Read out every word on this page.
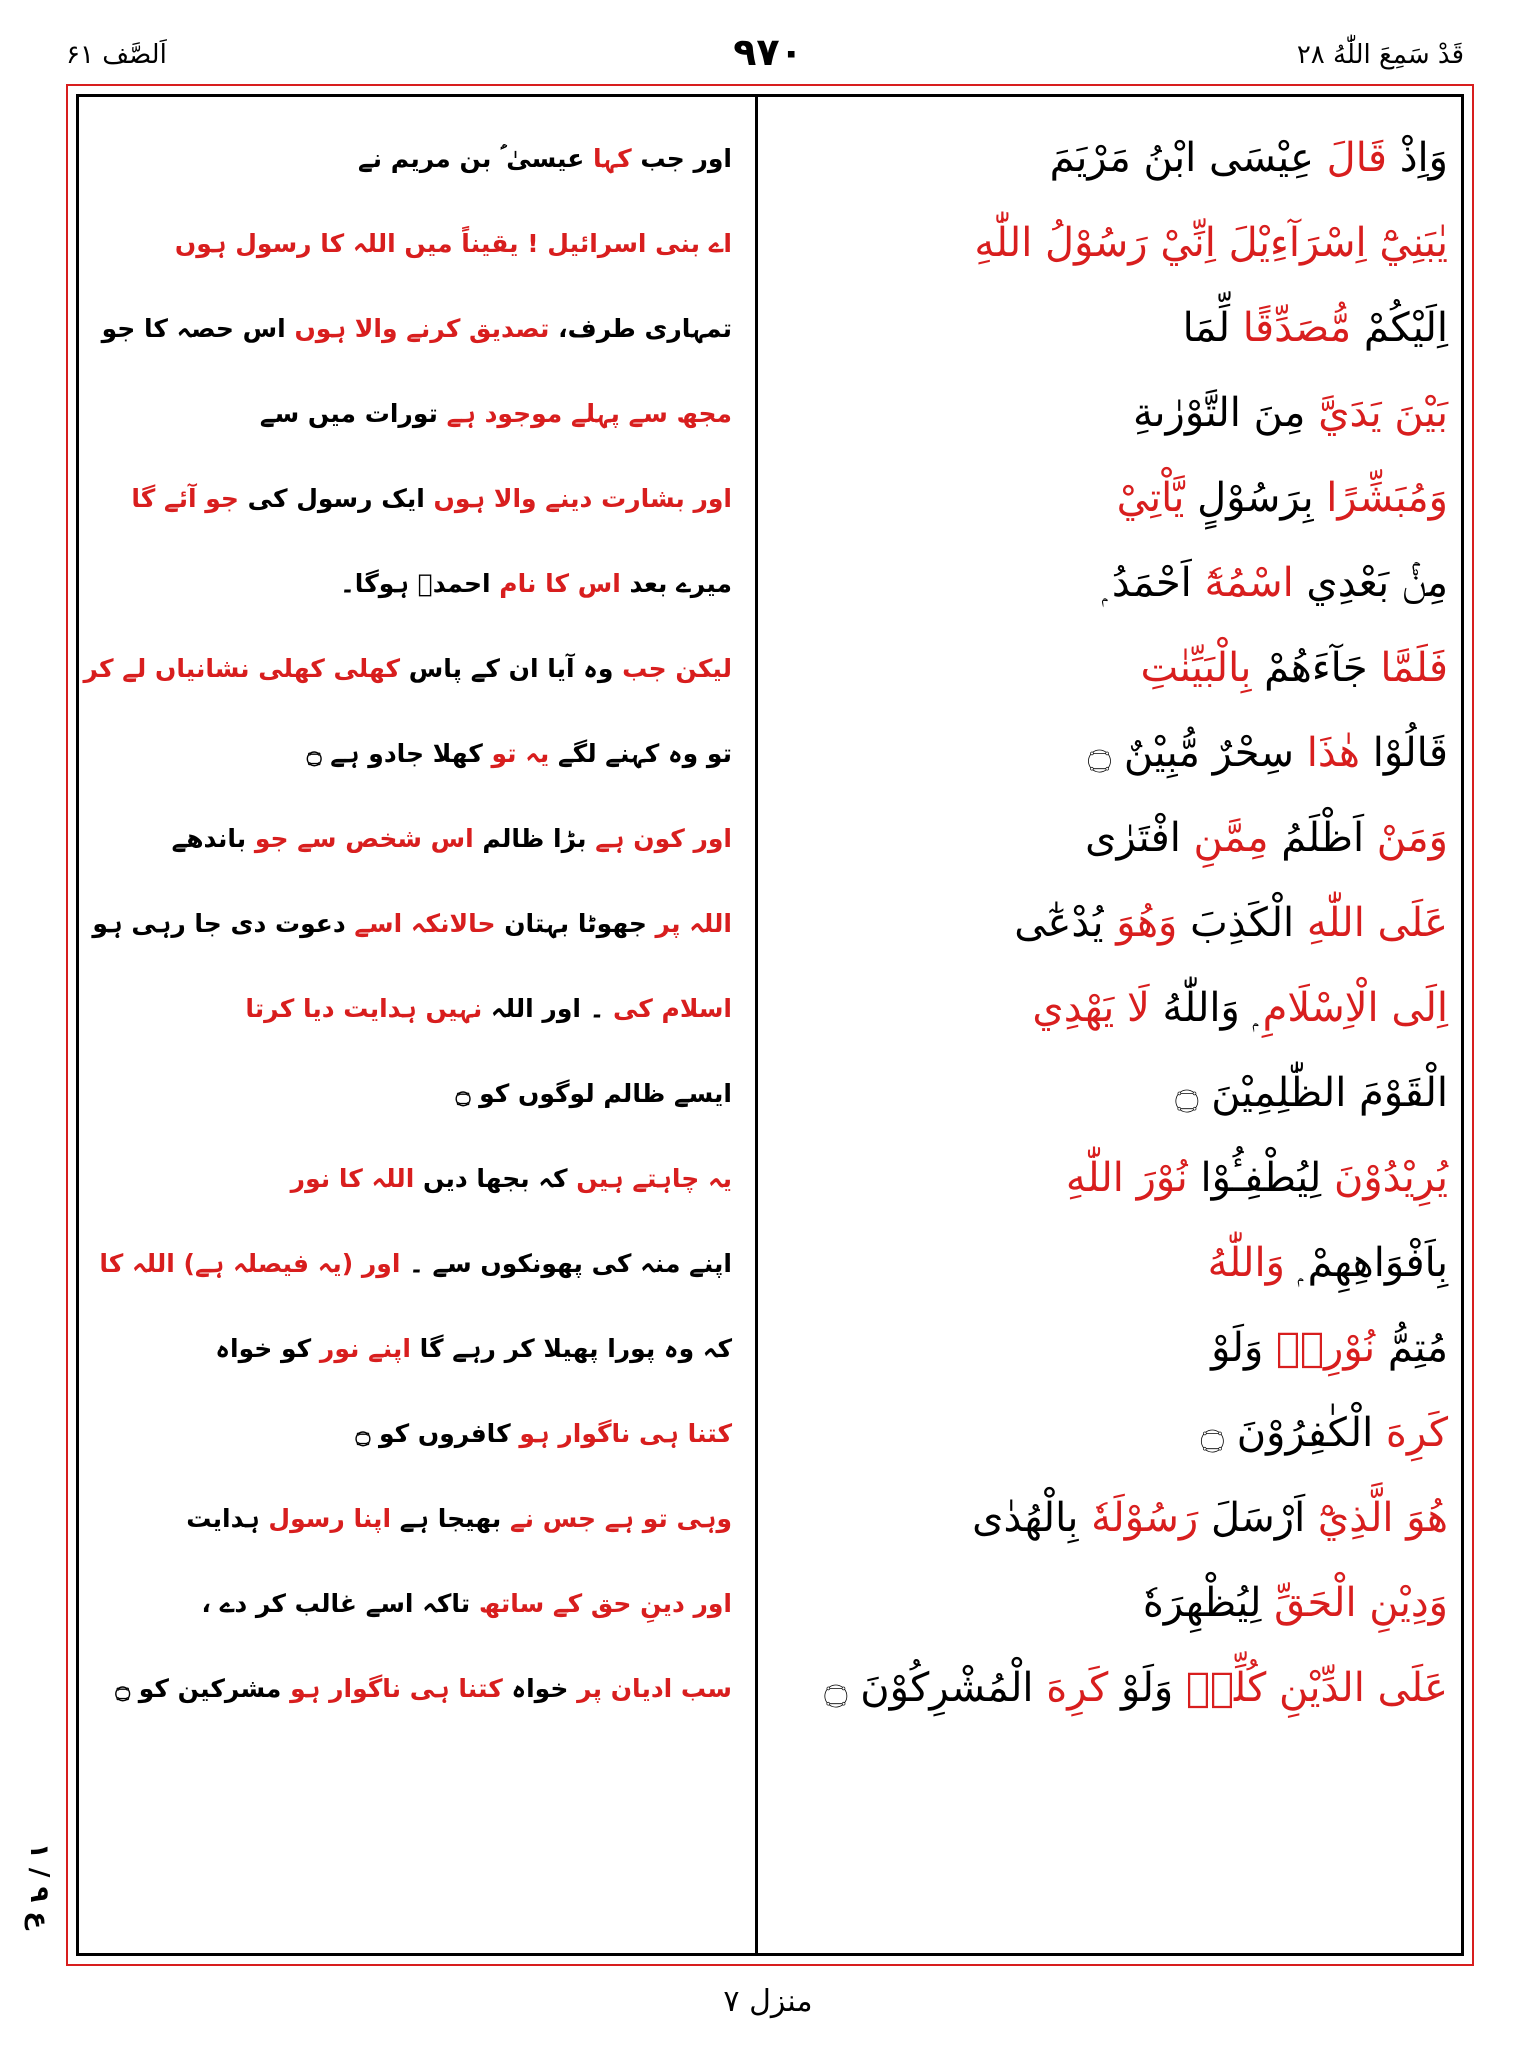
قَدْ سَمِعَ اللّٰهُ ۲۸
۹۷۰
اَلصَّف ۶۱
وَاِذْ قَالَ عِيْسَى ابْنُ مَرْيَمَ
اور جب کہا عیسیٰ ؑ بن مریم نے
يٰبَنِيْٓ اِسْرَآءِيْلَ اِنِّيْ رَسُوْلُ اللّٰهِ
اے بنی اسرائیل ! یقیناً میں اللہ کا رسول ہوں
اِلَيْكُمْ مُّصَدِّقًا لِّمَا
تمہاری طرف، تصدیق کرنے والا ہوں اس حصہ کا جو
بَيْنَ يَدَيَّ مِنَ التَّوْرٰىةِ
مجھ سے پہلے موجود ہے تورات میں سے
وَمُبَشِّرًا بِرَسُوْلٍ يَّاْتِيْ
اور بشارت دینے والا ہوں ایک رسول کی جو آئے گا
مِنْۢ بَعْدِي اسْمُهٗٓ اَحْمَدُ ۭ
میرے بعد اس کا نام احمدؐ ہوگا۔
فَلَمَّا جَآءَهُمْ بِالْبَيِّنٰتِ
لیکن جب وہ آیا ان کے پاس کھلی کھلی نشانیاں لے کر
قَالُوْا هٰذَا سِحْرٌ مُّبِيْنٌ ۝
تو وہ کہنے لگے یہ تو کھلا جادو ہے ۝
وَمَنْ اَظْلَمُ مِمَّنِ افْتَرٰى
اور کون ہے بڑا ظالم اس شخص سے جو باندھے
عَلَى اللّٰهِ الْكَذِبَ وَهُوَ يُدْعٰٓى
اللہ پر جھوٹا بہتان حالانکہ اسے دعوت دی جا رہی ہو
اِلَى الْاِسْلَامِ ۭ وَاللّٰهُ لَا يَهْدِي
اسلام کی ۔ اور اللہ نہیں ہدایت دیا کرتا
الْقَوْمَ الظّٰلِمِيْنَ ۝
ایسے ظالم لوگوں کو ۝
يُرِيْدُوْنَ لِيُطْفِـُٔوْا نُوْرَ اللّٰهِ
یہ چاہتے ہیں کہ بجھا دیں اللہ کا نور
بِاَفْوَاهِهِمْ ۭ وَاللّٰهُ
اپنے منہ کی پھونکوں سے ۔ اور (یہ فیصلہ ہے) اللہ کا
مُتِمُّ نُوْرِهٖ وَلَوْ
کہ وہ پورا پھیلا کر رہے گا اپنے نور کو خواہ
كَرِهَ الْكٰفِرُوْنَ ۝
کتنا ہی ناگوار ہو کافروں کو ۝
هُوَ الَّذِيْٓ اَرْسَلَ رَسُوْلَهٗ بِالْهُدٰى
وہی تو ہے جس نے بھیجا ہے اپنا رسول ہدایت
وَدِيْنِ الْحَقِّ لِيُظْهِرَهٗ
اور دینِ حق کے ساتھ تاکہ اسے غالب کر دے ،
عَلَى الدِّيْنِ كُلِّهٖ وَلَوْ كَرِهَ الْمُشْرِكُوْنَ ۝
سب ادیان پر خواہ کتنا ہی ناگوار ہو مشرکین کو ۝
ع ۹ / ۱
منزل ۷
